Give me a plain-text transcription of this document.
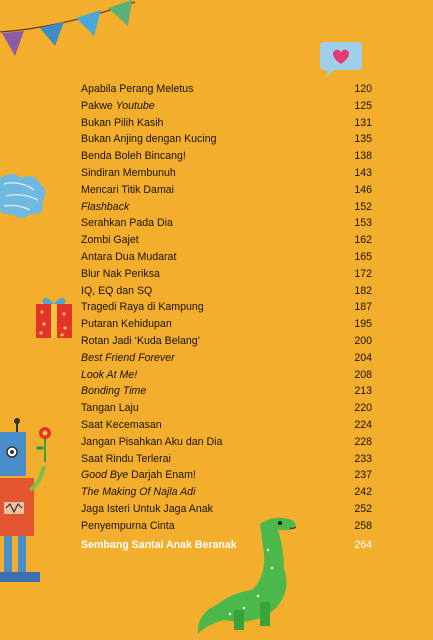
Apabila Perang Meletus	120
Pakwe Youtube	125
Bukan Pilih Kasih	131
Bukan Anjing dengan Kucing	135
Benda Boleh Bincang!	138
Sindiran Membunuh	143
Mencari Titik Damai	146
Flashback	152
Serahkan Pada Dia	153
Zombi Gajet	162
Antara Dua Mudarat	165
Blur Nak Periksa	172
IQ, EQ dan SQ	182
Tragedi Raya di Kampung	187
Putaran Kehidupan	195
Rotan Jadi ‘Kuda Belang’	200
Best Friend Forever	204
Look At Me!	208
Bonding Time	213
Tangan Laju	220
Saat Kecemasan	224
Jangan Pisahkan Aku dan Dia	228
Saat Rindu Terlerai	233
Good Bye Darjah Enam!	237
The Making Of Najla Adi	242
Jaga Isteri Untuk Jaga Anak	252
Penyempurna Cinta	258
Sembang Santai Anak Beranak	264
